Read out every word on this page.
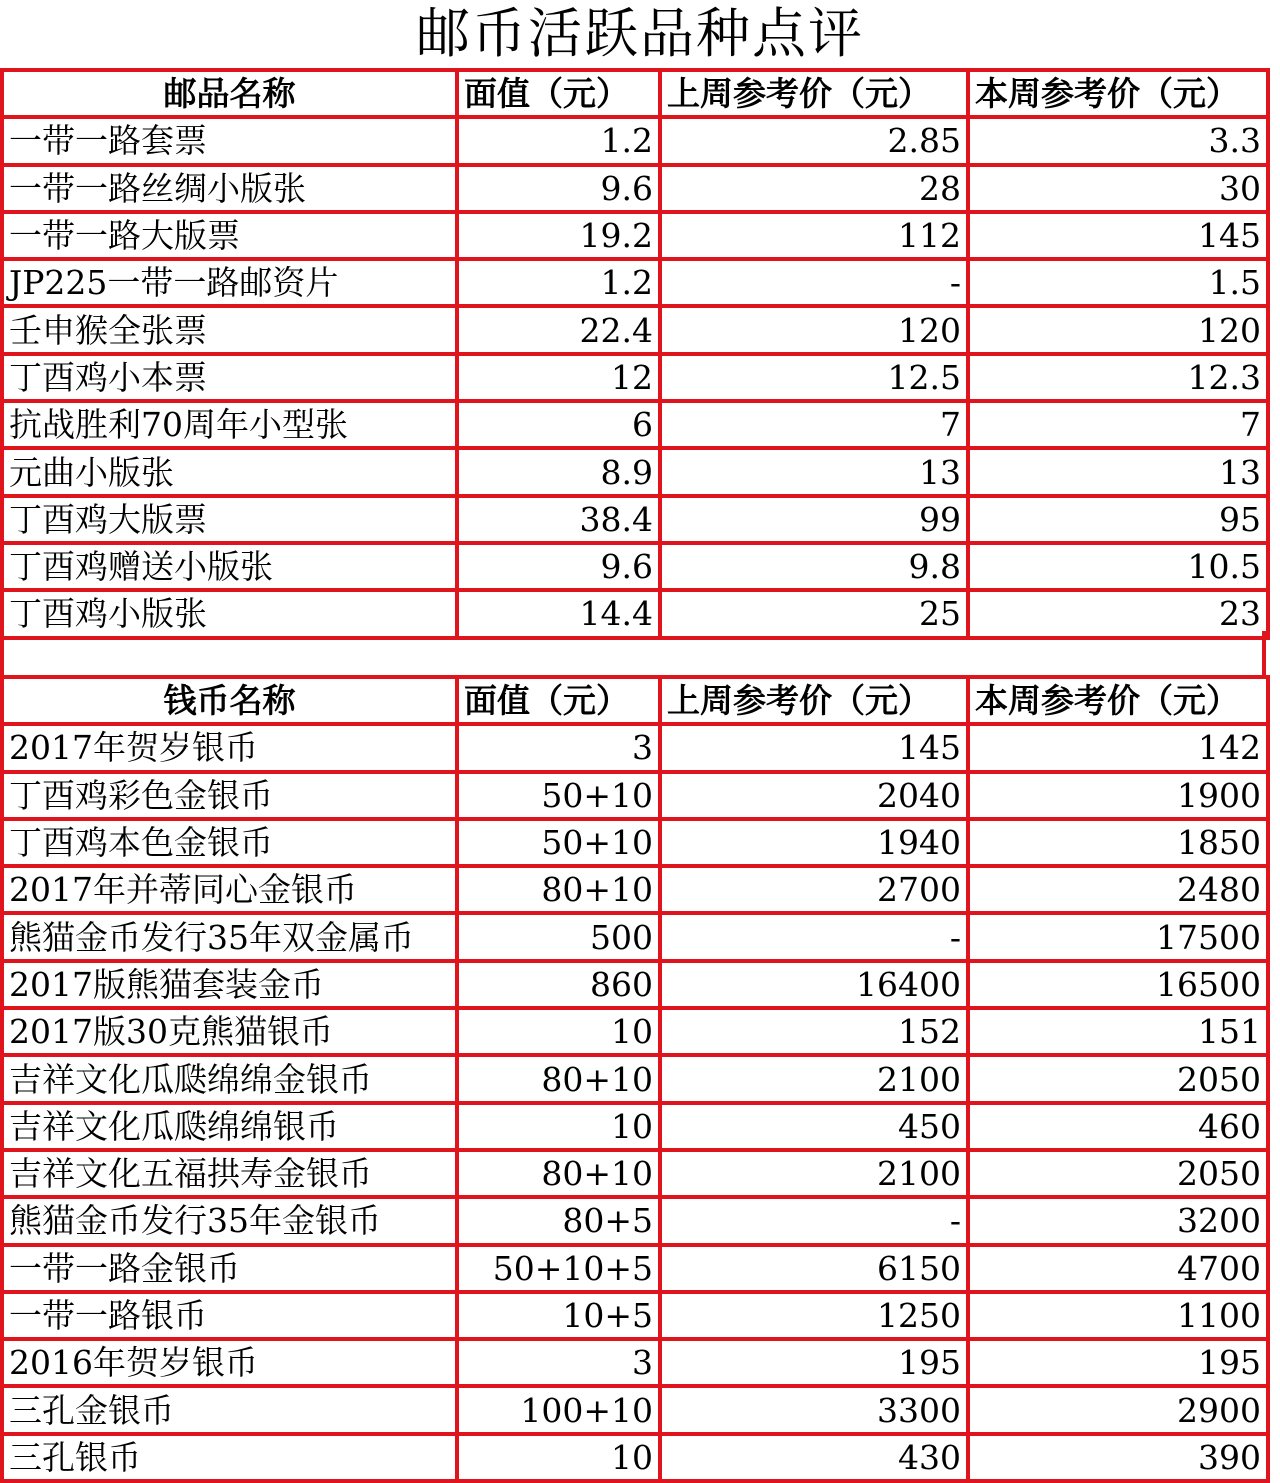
邮币活跃品种点评
邮品名称	面值（元）	上周参考价（元）	本周参考价（元）
一带一路套票	1.2	2.85	3.3
一带一路丝绸小版张	9.6	28	30
一带一路大版票	19.2	112	145
JP225一带一路邮资片	1.2	-	1.5
壬申猴全张票	22.4	120	120
丁酉鸡小本票	12	12.5	12.3
抗战胜利70周年小型张	6	7	7
元曲小版张	8.9	13	13
丁酉鸡大版票	38.4	99	95
丁酉鸡赠送小版张	9.6	9.8	10.5
丁酉鸡小版张	14.4	25	23
钱币名称	面值（元）	上周参考价（元）	本周参考价（元）
2017年贺岁银币	3	145	142
丁酉鸡彩色金银币	50+10	2040	1900
丁酉鸡本色金银币	50+10	1940	1850
2017年并蒂同心金银币	80+10	2700	2480
熊猫金币发行35年双金属币	500	-	17500
2017版熊猫套装金币	860	16400	16500
2017版30克熊猫银币	10	152	151
吉祥文化瓜瓞绵绵金银币	80+10	2100	2050
吉祥文化瓜瓞绵绵银币	10	450	460
吉祥文化五福拱寿金银币	80+10	2100	2050
熊猫金币发行35年金银币	80+5	-	3200
一带一路金银币	50+10+5	6150	4700
一带一路银币	10+5	1250	1100
2016年贺岁银币	3	195	195
三孔金银币	100+10	3300	2900
三孔银币	10	430	390
